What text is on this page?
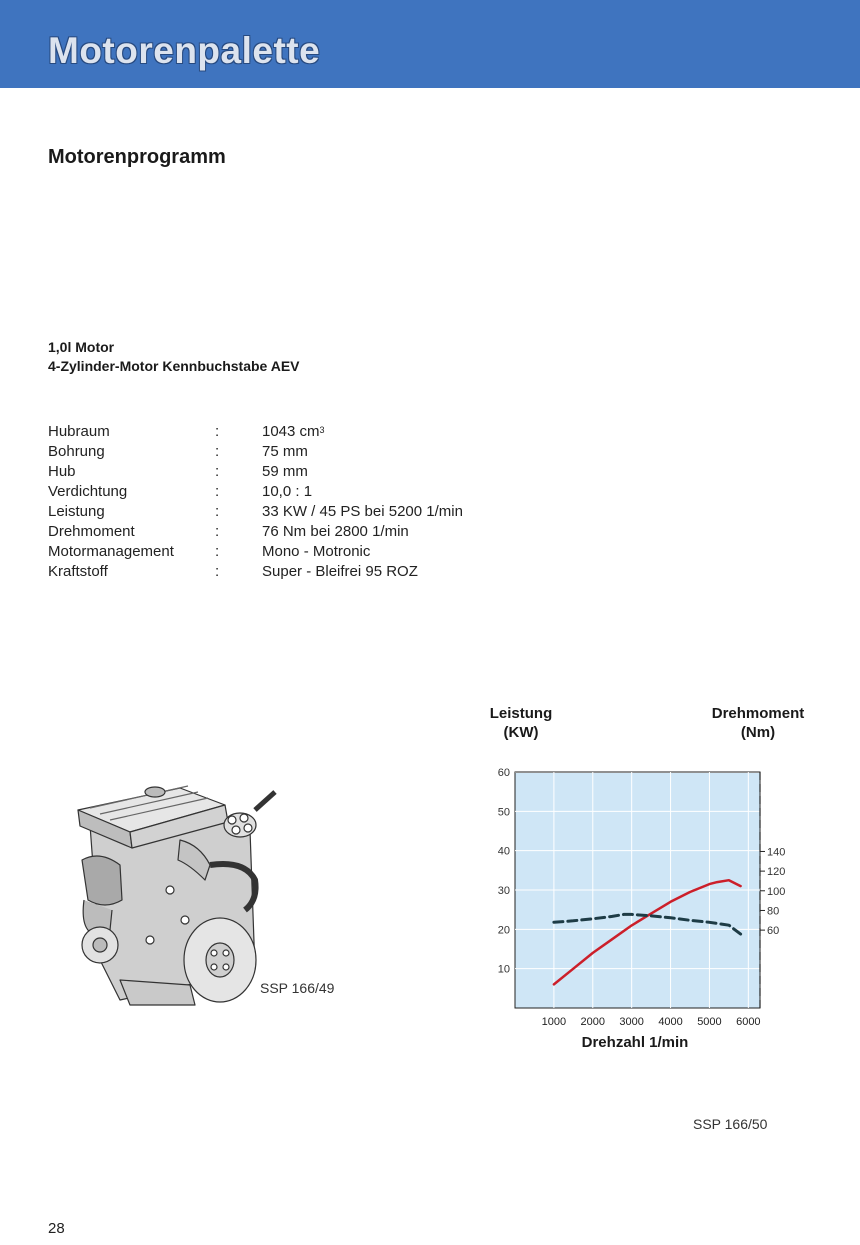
Motorenpalette
Motorenprogramm
1,0l Motor
4-Zylinder-Motor Kennbuchstabe AEV
Hubraum	:	1043 $cm^3$
Bohrung	:	75 mm
Hub	:	59 mm
Verdichtung	:	10,0 : 1
Leistung	:	33 KW / 45 PS bei 5200 1/min
Drehmoment	:	76 Nm bei 2800 1/min
Motormanagement	:	Mono - Motronic
Kraftstoff	:	Super - Bleifrei 95 ROZ
SSP 166/49
Leistung
(KW)
Drehmoment
(Nm)
10
20
30
40
50
60
1000 2000 3000 4000 5000 6000
60
80
100
120
140
Drehzahl 1/min
SSP 166/50
28
